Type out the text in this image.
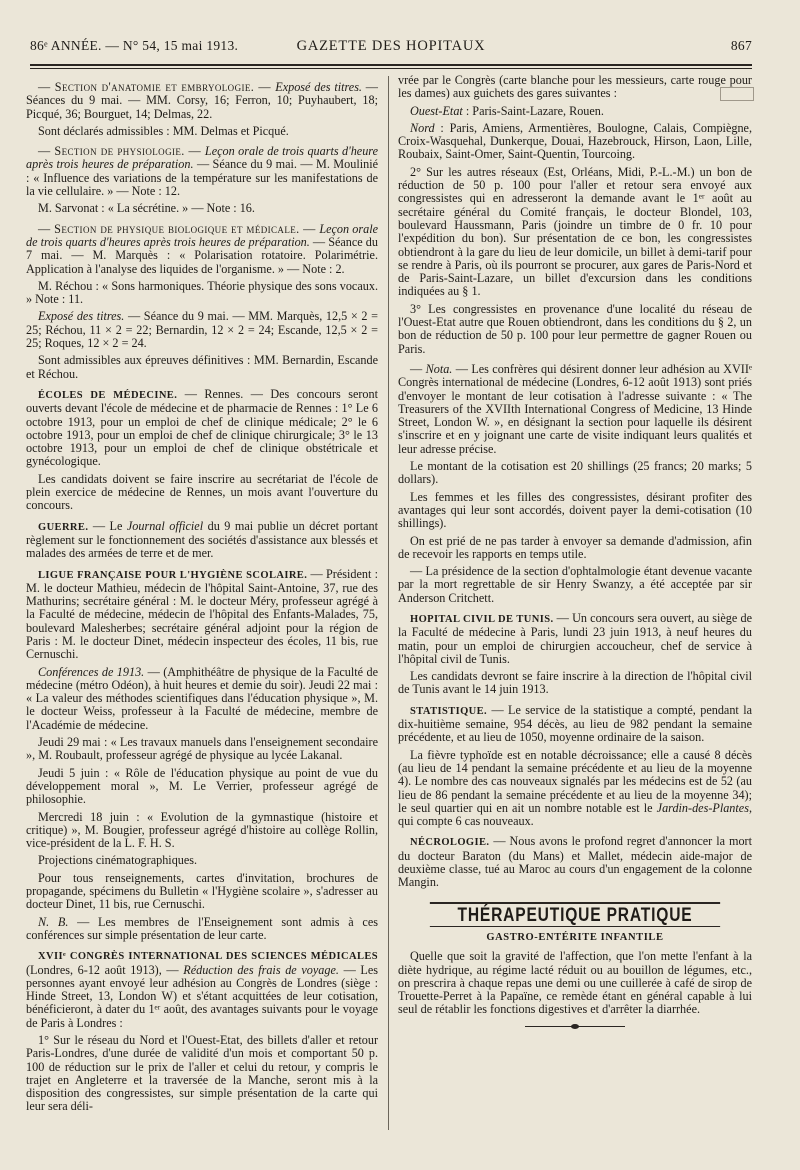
86ᵉ ANNÉE. — N° 54, 15 mai 1913.	GAZETTE DES HOPITAUX	867

— Section d'anatomie et embryologie. — Exposé des titres. — Séances du 9 mai. — MM. Corsy, 16; Ferron, 10; Puyhaubert, 18; Picqué, 36; Bourguet, 14; Delmas, 22.

Sont déclarés admissibles : MM. Delmas et Picqué.

— Section de physiologie. — Leçon orale de trois quarts d'heure après trois heures de préparation. — Séance du 9 mai. — M. Moulinié : « Influence des variations de la température sur les manifestations de la vie cellulaire. » — Note : 12.

M. Sarvonat : « La sécrétine. » — Note : 16.

— Section de physique biologique et médicale. — Leçon orale de trois quarts d'heures après trois heures de préparation. — Séance du 7 mai. — M. Marquès : « Polarisation rotatoire. Polarimétrie. Application à l'analyse des liquides de l'organisme. » — Note : 2.

M. Réchou : « Sons harmoniques. Théorie physique des sons vocaux. » Note : 11.

Exposé des titres. — Séance du 9 mai. — MM. Marquès, 12,5 × 2 = 25; Réchou, 11 × 2 = 22; Bernardin, 12 × 2 = 24; Escande, 12,5 × 2 = 25; Roques, 12 × 2 = 24.

Sont admissibles aux épreuves définitives : MM. Bernardin, Escande et Réchou.

ÉCOLES DE MÉDECINE. — Rennes. — Des concours seront ouverts devant l'école de médecine et de pharmacie de Rennes : 1° Le 6 octobre 1913, pour un emploi de chef de clinique médicale; 2° le 6 octobre 1913, pour un emploi de chef de clinique chirurgicale; 3° le 13 octobre 1913, pour un emploi de chef de clinique obstétricale et gynécologique.

Les candidats doivent se faire inscrire au secrétariat de l'école de plein exercice de médecine de Rennes, un mois avant l'ouverture du concours.

GUERRE. — Le Journal officiel du 9 mai publie un décret portant règlement sur le fonctionnement des sociétés d'assistance aux blessés et malades des armées de terre et de mer.

LIGUE FRANÇAISE POUR L'HYGIÈNE SCOLAIRE. — Président : M. le docteur Mathieu, médecin de l'hôpital Saint-Antoine, 37, rue des Mathurins; secrétaire général : M. le docteur Méry, professeur agrégé à la Faculté de médecine, médecin de l'hôpital des Enfants-Malades, 75, boulevard Malesherbes; secrétaire général adjoint pour la région de Paris : M. le docteur Dinet, médecin inspecteur des écoles, 11 bis, rue Cernuschi.

Conférences de 1913. — (Amphithéâtre de physique de la Faculté de médecine (métro Odéon), à huit heures et demie du soir). Jeudi 22 mai : « La valeur des méthodes scientifiques dans l'éducation physique », M. le docteur Weiss, professeur à la Faculté de médecine, membre de l'Académie de médecine.

Jeudi 29 mai : « Les travaux manuels dans l'enseignement secondaire », M. Roubault, professeur agrégé de physique au lycée Lakanal.

Jeudi 5 juin : « Rôle de l'éducation physique au point de vue du développement moral », M. Le Verrier, professeur agrégé de philosophie.

Mercredi 18 juin : « Evolution de la gymnastique (histoire et critique) », M. Bougier, professeur agrégé d'histoire au collège Rollin, vice-président de la L. F. H. S.

Projections cinématographiques.

Pour tous renseignements, cartes d'invitation, brochures de propagande, spécimens du Bulletin « l'Hygiène scolaire », s'adresser au docteur Dinet, 11 bis, rue Cernuschi.

N. B. — Les membres de l'Enseignement sont admis à ces conférences sur simple présentation de leur carte.

XVIIᵉ CONGRÈS INTERNATIONAL DES SCIENCES MÉDICALES (Londres, 6-12 août 1913), — Réduction des frais de voyage. — Les personnes ayant envoyé leur adhésion au Congrès de Londres (siège : Hinde Street, 13, London W) et s'étant acquittées de leur cotisation, bénéficieront, à dater du 1ᵉʳ août, des avantages suivants pour le voyage de Paris à Londres :

1° Sur le réseau du Nord et l'Ouest-Etat, des billets d'aller et retour Paris-Londres, d'une durée de validité d'un mois et comportant 50 p. 100 de réduction sur le prix de l'aller et celui du retour, y compris le trajet en Angleterre et la traversée de la Manche, seront mis à la disposition des congressistes, sur simple présentation de la carte qui leur sera déli-

vrée par le Congrès (carte blanche pour les messieurs, carte rouge pour les dames) aux guichets des gares suivantes :

Ouest-Etat : Paris-Saint-Lazare, Rouen.

Nord : Paris, Amiens, Armentières, Boulogne, Calais, Compiègne, Croix-Wasquehal, Dunkerque, Douai, Hazebrouck, Hirson, Laon, Lille, Roubaix, Saint-Omer, Saint-Quentin, Tourcoing.

2° Sur les autres réseaux (Est, Orléans, Midi, P.-L.-M.) un bon de réduction de 50 p. 100 pour l'aller et retour sera envoyé aux congressistes qui en adresseront la demande avant le 1ᵉʳ août au secrétaire général du Comité français, le docteur Blondel, 103, boulevard Haussmann, Paris (joindre un timbre de 0 fr. 10 pour l'expédition du bon). Sur présentation de ce bon, les congressistes obtiendront à la gare du lieu de leur domicile, un billet à demi-tarif pour se rendre à Paris, où ils pourront se procurer, aux gares de Paris-Nord et de Paris-Saint-Lazare, un billet d'excursion dans les conditions indiquées au § 1.

3° Les congressistes en provenance d'une localité du réseau de l'Ouest-Etat autre que Rouen obtiendront, dans les conditions du § 2, un bon de réduction de 50 p. 100 pour leur permettre de gagner Rouen ou Paris.

— Nota. — Les confrères qui désirent donner leur adhésion au XVIIᵉ Congrès international de médecine (Londres, 6-12 août 1913) sont priés d'envoyer le montant de leur cotisation à l'adresse suivante : « The Treasurers of the XVIIth International Congress of Medicine, 13 Hinde Street, London W. », en désignant la section pour laquelle ils désirent s'inscrire et en y joignant une carte de visite indiquant leurs qualités et leur adresse précise.

Le montant de la cotisation est 20 shillings (25 francs; 20 marks; 5 dollars).

Les femmes et les filles des congressistes, désirant profiter des avantages qui leur sont accordés, doivent payer la demi-cotisation (10 shillings).

On est prié de ne pas tarder à envoyer sa demande d'admission, afin de recevoir les rapports en temps utile.

— La présidence de la section d'ophtalmologie étant devenue vacante par la mort regrettable de sir Henry Swanzy, a été acceptée par sir Anderson Critchett.

HOPITAL CIVIL DE TUNIS. — Un concours sera ouvert, au siège de la Faculté de médecine à Paris, lundi 23 juin 1913, à neuf heures du matin, pour un emploi de chirurgien accoucheur, chef de service à l'hôpital civil de Tunis.

Les candidats devront se faire inscrire à la direction de l'hôpital civil de Tunis avant le 14 juin 1913.

STATISTIQUE. — Le service de la statistique a compté, pendant la dix-huitième semaine, 954 décès, au lieu de 982 pendant la semaine précédente, et au lieu de 1050, moyenne ordinaire de la saison.

La fièvre typhoïde est en notable décroissance; elle a causé 8 décès (au lieu de 14 pendant la semaine précédente et au lieu de la moyenne 4). Le nombre des cas nouveaux signalés par les médecins est de 52 (au lieu de 86 pendant la semaine précédente et au lieu de la moyenne 34); le seul quartier qui en ait un nombre notable est le Jardin-des-Plantes, qui compte 6 cas nouveaux.

NÉCROLOGIE. — Nous avons le profond regret d'annoncer la mort du docteur Baraton (du Mans) et Mallet, médecin aide-major de deuxième classe, tué au Maroc au cours d'un engagement de la colonne Mangin.

THÉRAPEUTIQUE PRATIQUE
GASTRO-ENTÉRITE INFANTILE

Quelle que soit la gravité de l'affection, que l'on mette l'enfant à la diète hydrique, au régime lacté réduit ou au bouillon de légumes, etc., on prescrira à chaque repas une demi ou une cuillerée à café de sirop de Trouette-Perret à la Papaïne, ce remède étant en général capable à lui seul de rétablir les fonctions digestives et d'arrêter la diarrhée.
